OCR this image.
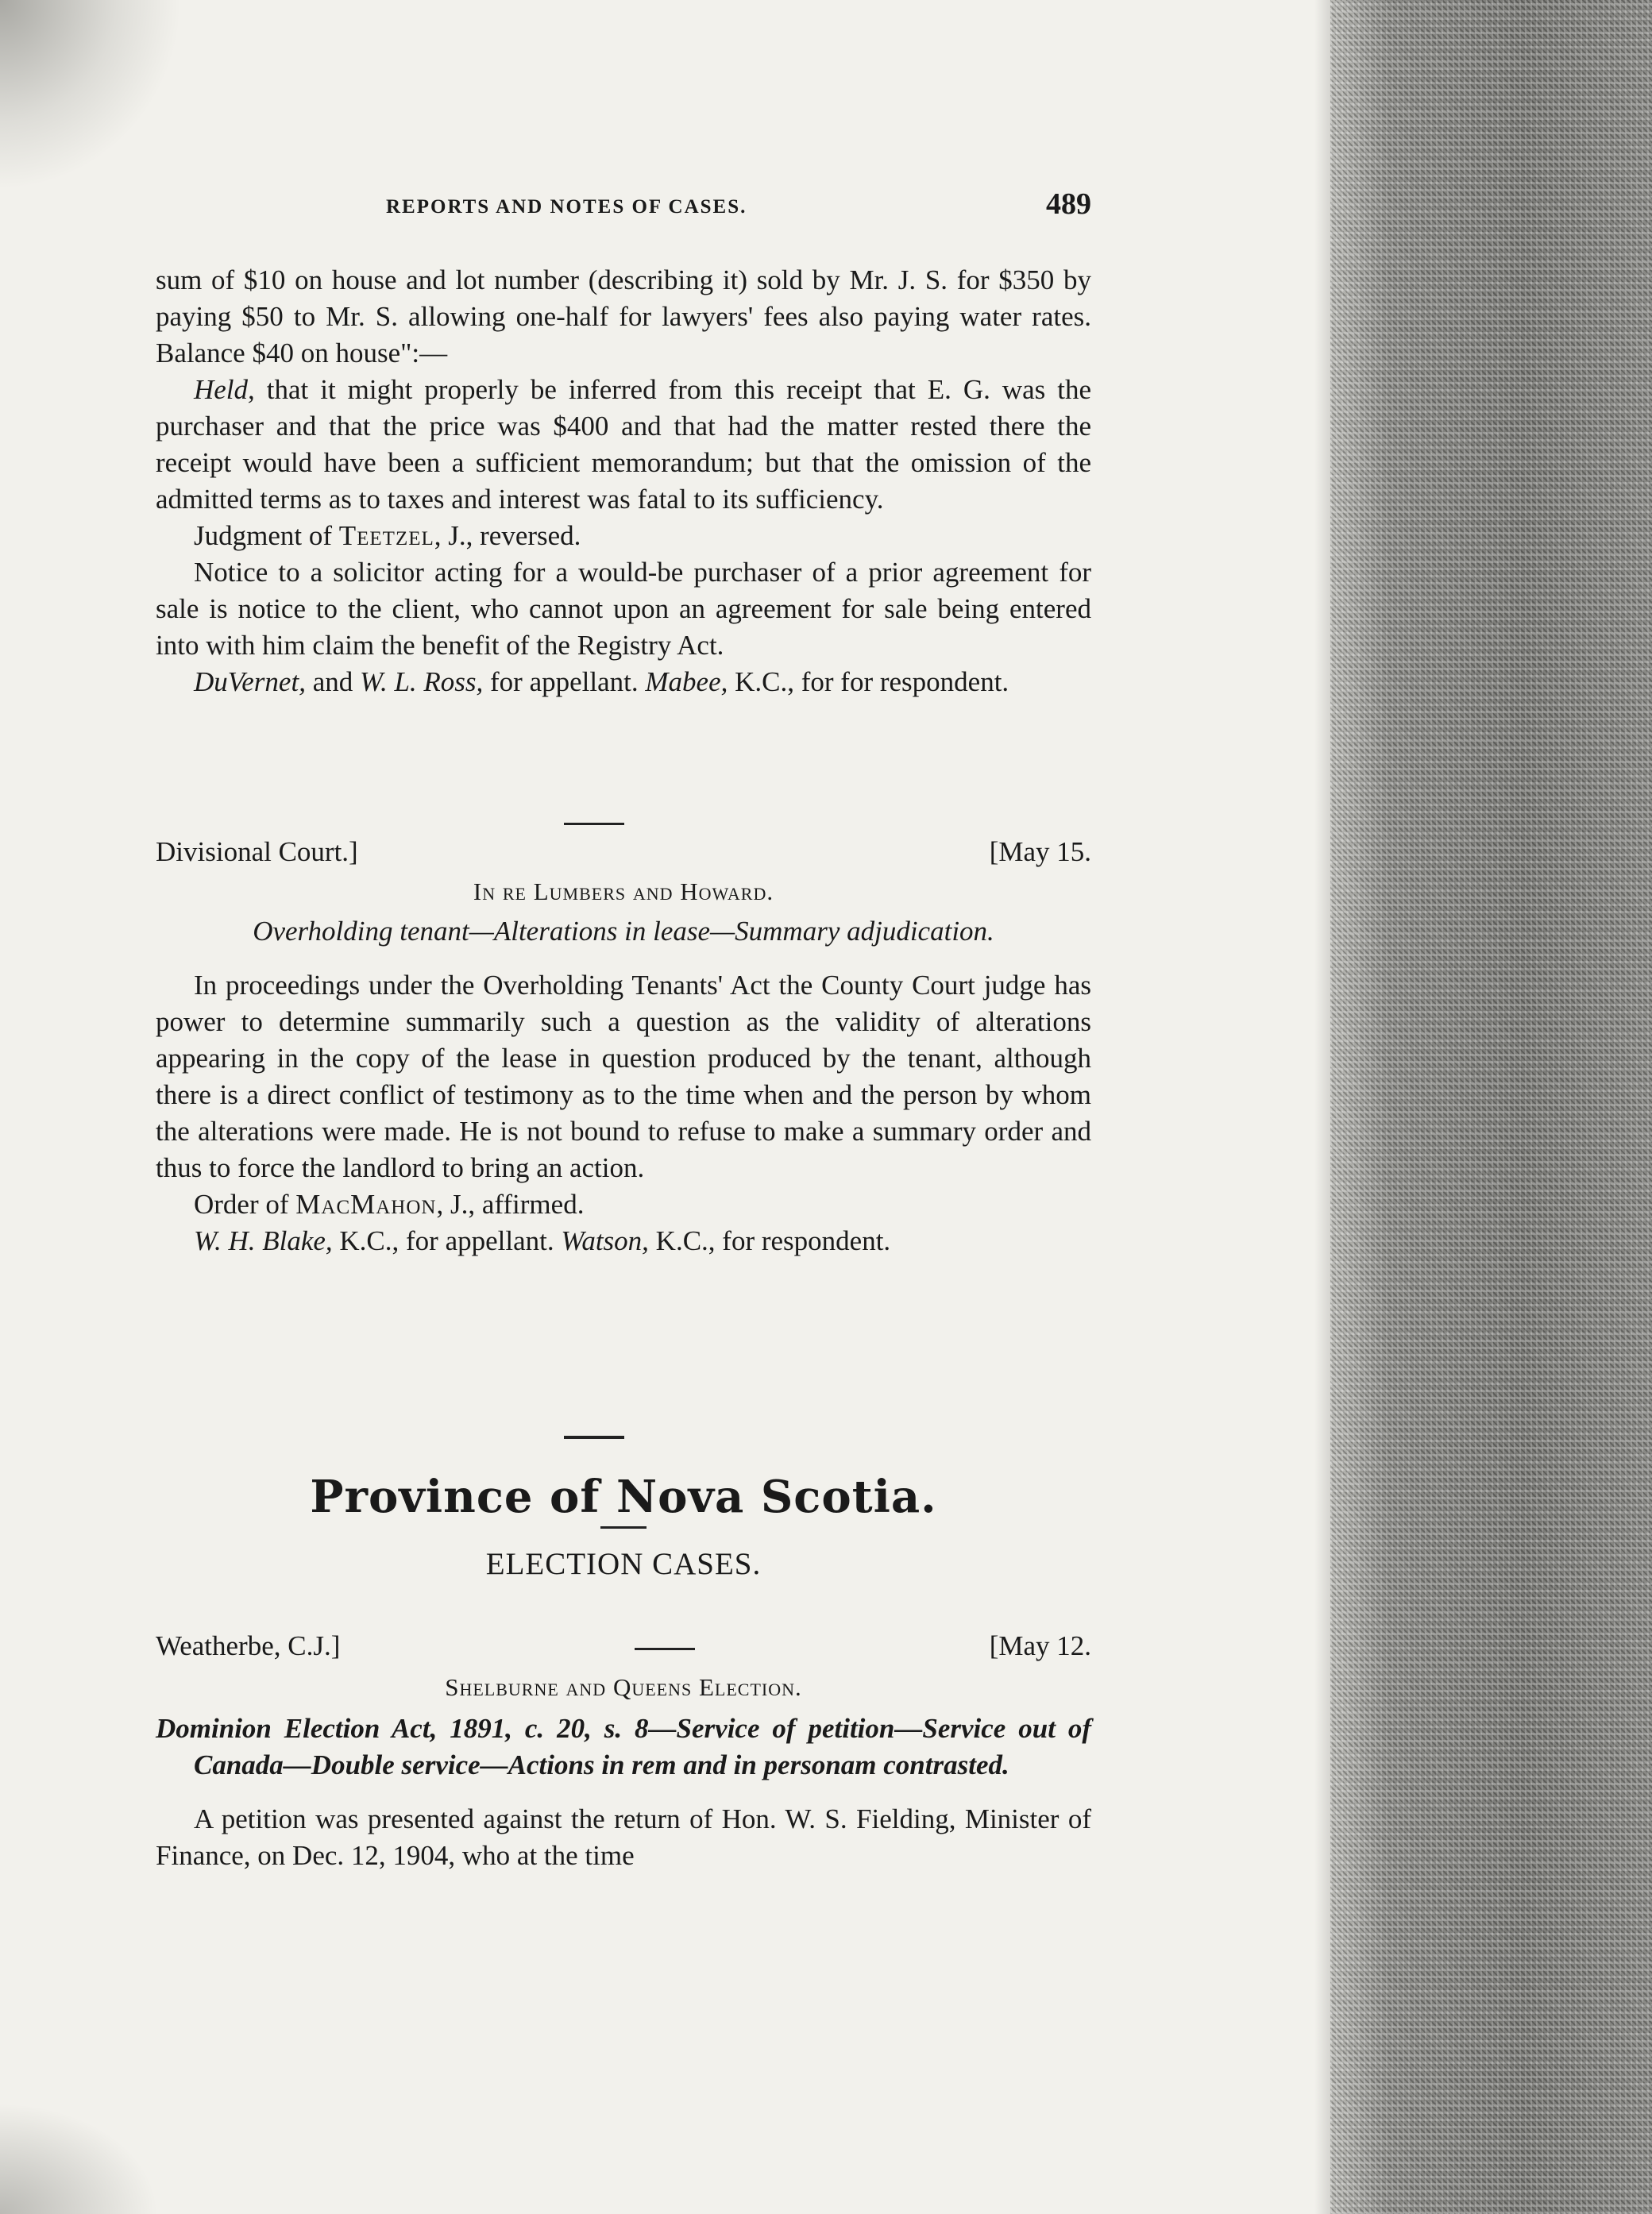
REPORTS AND NOTES OF CASES.	489

sum of $10 on house and lot number (describing it) sold by Mr. J. S. for $350 by paying $50 to Mr. S. allowing one-half for lawyers' fees also paying water rates. Balance $40 on house":—

Held, that it might properly be inferred from this receipt that E. G. was the purchaser and that the price was $400 and that had the matter rested there the receipt would have been a sufficient memorandum; but that the omission of the admitted terms as to taxes and interest was fatal to its sufficiency.

Judgment of Teetzel, J., reversed.

Notice to a solicitor acting for a would-be purchaser of a prior agreement for sale is notice to the client, who cannot upon an agreement for sale being entered into with him claim the benefit of the Registry Act.

DuVernet, and W. L. Ross, for appellant. Mabee, K.C., for for respondent.

Divisional Court.]	[May 15.

In re Lumbers and Howard.

Overholding tenant—Alterations in lease—Summary adjudication.

In proceedings under the Overholding Tenants' Act the County Court judge has power to determine summarily such a question as the validity of alterations appearing in the copy of the lease in question produced by the tenant, although there is a direct conflict of testimony as to the time when and the person by whom the alterations were made. He is not bound to refuse to make a summary order and thus to force the landlord to bring an action.

Order of MacMahon, J., affirmed.

W. H. Blake, K.C., for appellant. Watson, K.C., for respondent.

Province of Nova Scotia.

ELECTION CASES.

Weatherbe, C.J.]	[May 12.

Shelburne and Queens Election.

Dominion Election Act, 1891, c. 20, s. 8—Service of petition—Service out of Canada—Double service—Actions in rem and in personam contrasted.

A petition was presented against the return of Hon. W. S. Fielding, Minister of Finance, on Dec. 12, 1904, who at the time
